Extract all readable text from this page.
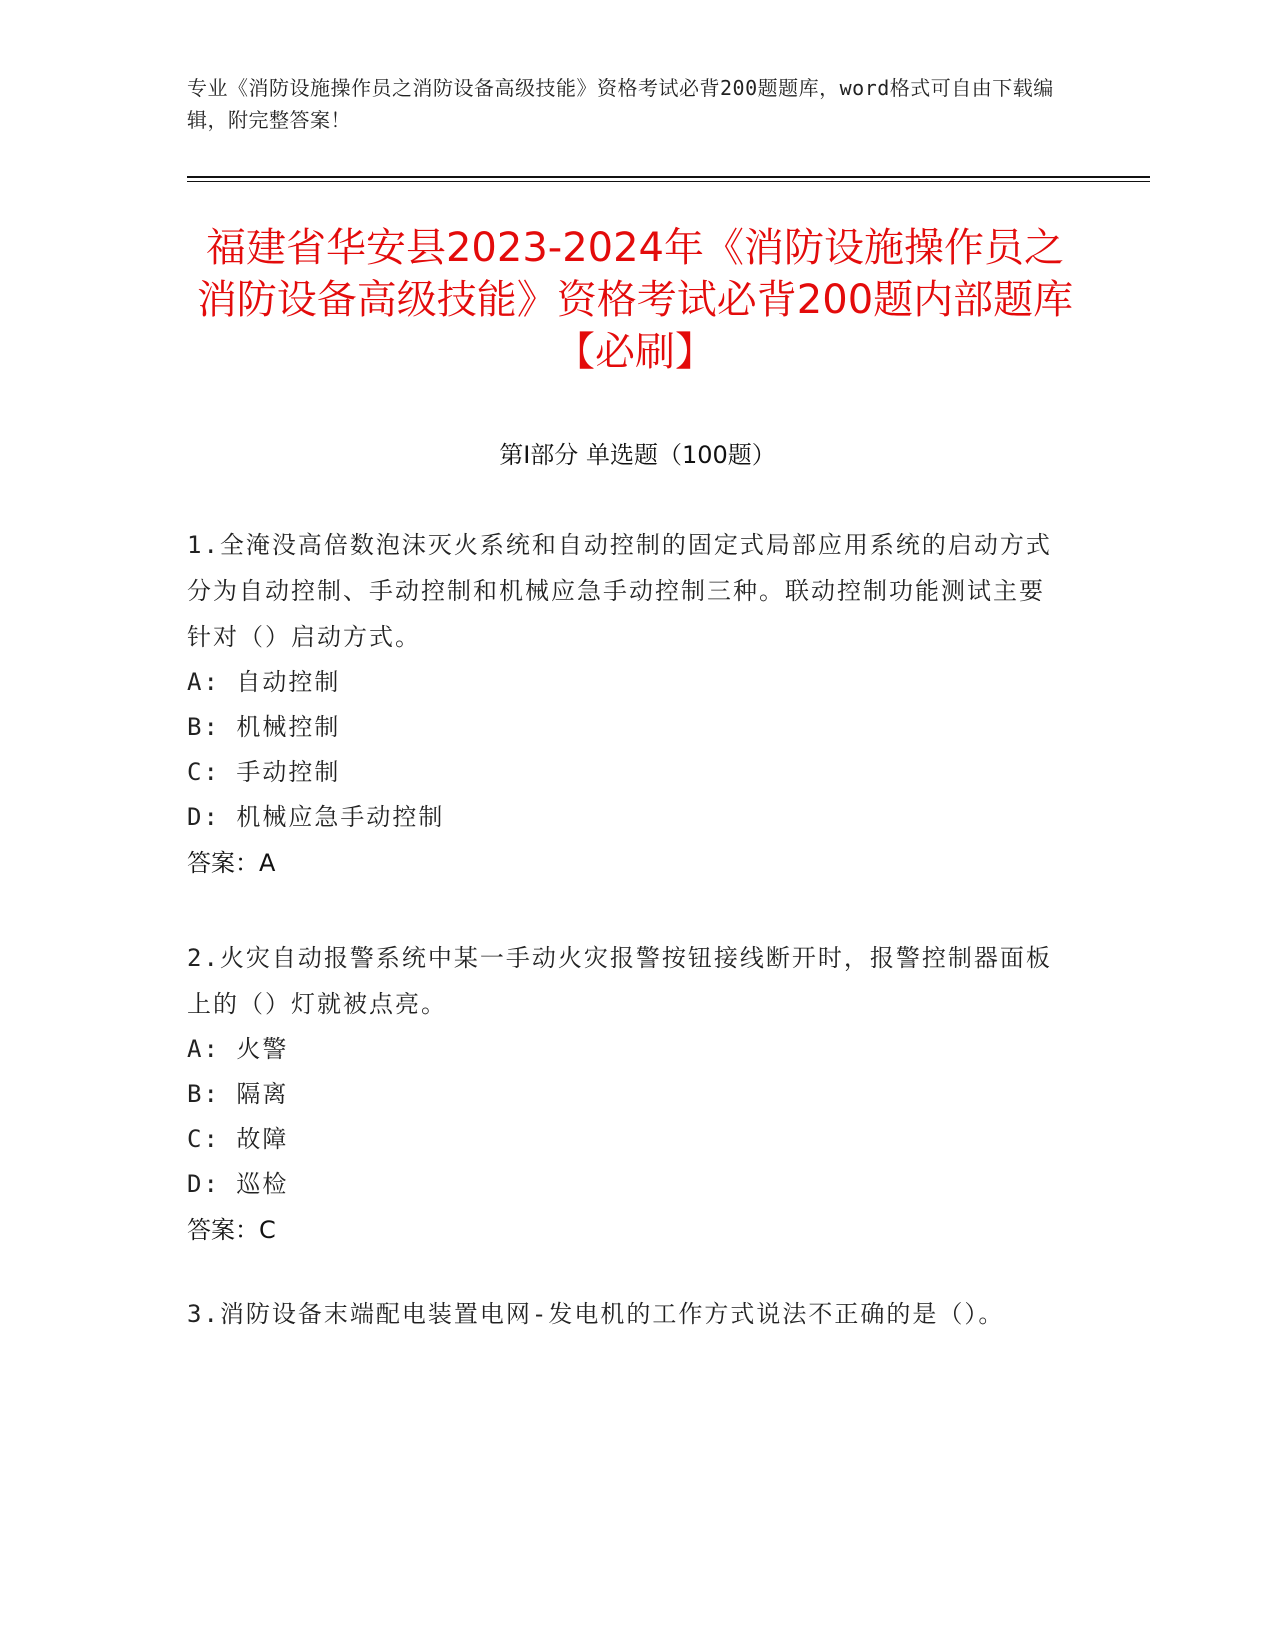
专业《消防设施操作员之消防设备高级技能》资格考试必背200题题库，word格式可自由下载编辑，附完整答案！
福建省华安县2023-2024年《消防设施操作员之消防设备高级技能》资格考试必背200题内部题库【必刷】
第Ⅰ部分 单选题（100题）
1.全淹没高倍数泡沫灭火系统和自动控制的固定式局部应用系统的启动方式分为自动控制、手动控制和机械应急手动控制三种。联动控制功能测试主要针对（）启动方式。
A: 自动控制
B: 机械控制
C: 手动控制
D: 机械应急手动控制
答案：A
2.火灾自动报警系统中某一手动火灾报警按钮接线断开时，报警控制器面板上的（）灯就被点亮。
A: 火警
B: 隔离
C: 故障
D: 巡检
答案：C
3.消防设备末端配电装置电网-发电机的工作方式说法不正确的是（）。
